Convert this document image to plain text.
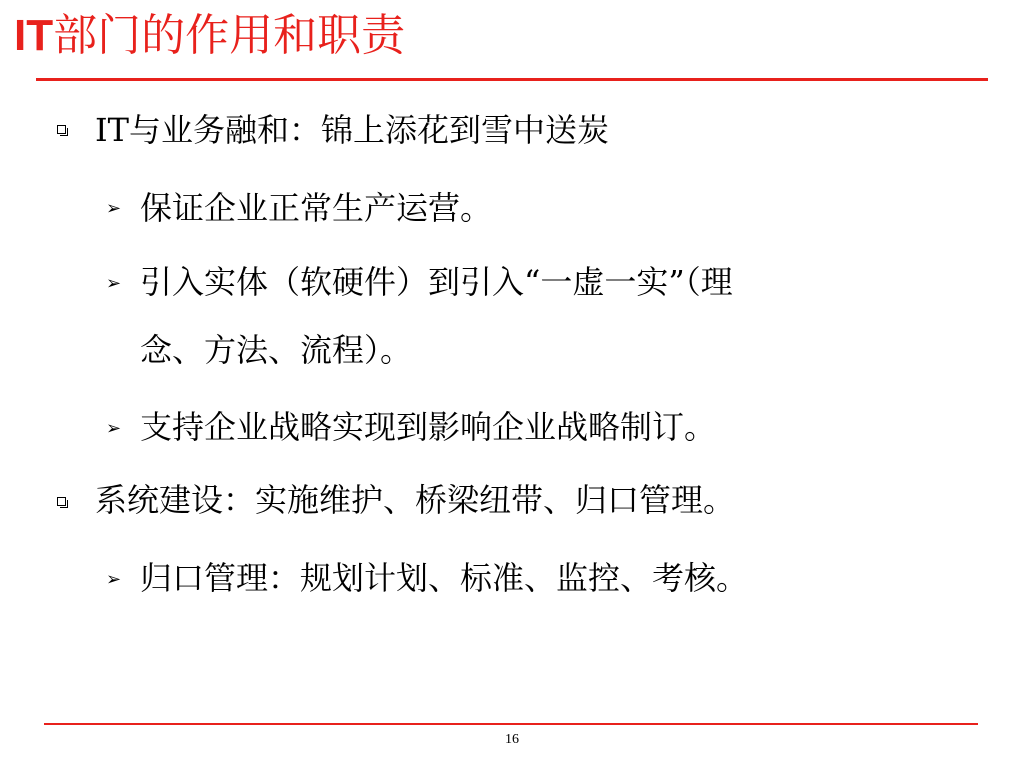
IT部门的作用和职责
IT与业务融和：锦上添花到雪中送炭
➢ 保证企业正常生产运营。
➢ 引入实体（软硬件）到引入“一虚一实”（理
念、方法、流程）。
➢ 支持企业战略实现到影响企业战略制订。
系统建设：实施维护、桥梁纽带、归口管理。
➢ 归口管理：规划计划、标准、监控、考核。
16
